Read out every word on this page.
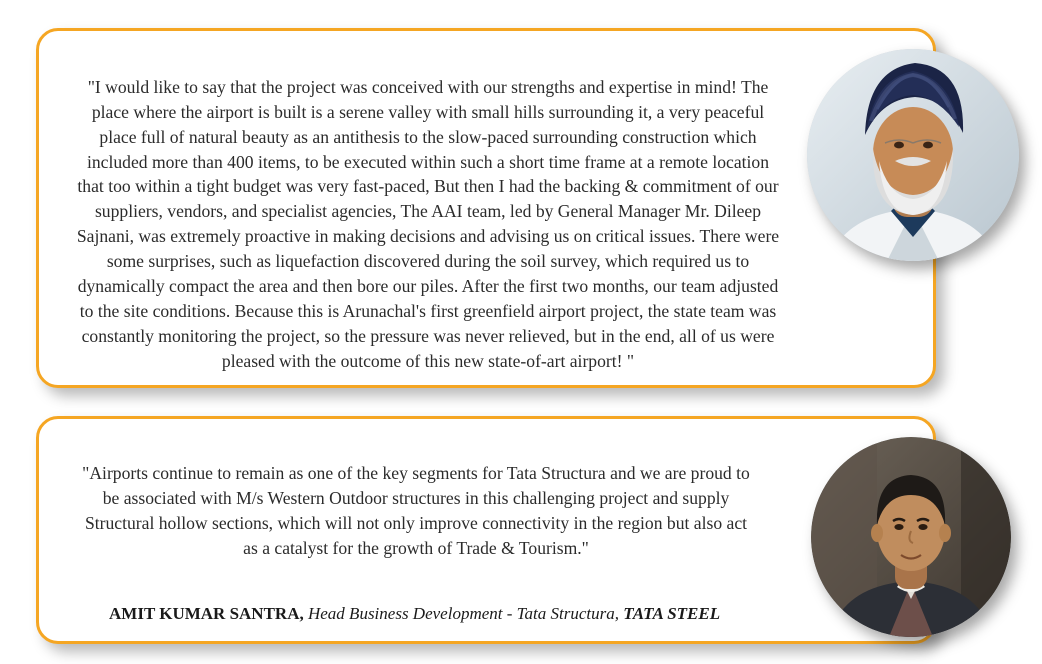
"I would like to say that the project was conceived with our strengths and expertise in mind! The place where the airport is built is a serene valley with small hills surrounding it, a very peaceful place full of natural beauty as an antithesis to the slow-paced surrounding construction which included more than 400 items, to be executed within such a short time frame at a remote location that too within a tight budget was very fast-paced, But then I had the backing & commitment of our suppliers, vendors, and specialist agencies, The AAI team, led by General Manager Mr. Dileep Sajnani, was extremely proactive in making decisions and advising us on critical issues. There were some surprises, such as liquefaction discovered during the soil survey, which required us to dynamically compact the area and then bore our piles. After the first two months, our team adjusted to the site conditions. Because this is Arunachal's first greenfield airport project, the state team was constantly monitoring the project, so the pressure was never relieved, but in the end, all of us were pleased with the outcome of this new state-of-art airport! "

"Airports continue to remain as one of the key segments for Tata Structura and we are proud to be associated with M/s Western Outdoor structures in this challenging project and supply Structural hollow sections, which will not only improve connectivity in the region but also act as a catalyst for the growth of Trade & Tourism."

AMIT KUMAR SANTRA, Head Business Development - Tata Structura, TATA STEEL
